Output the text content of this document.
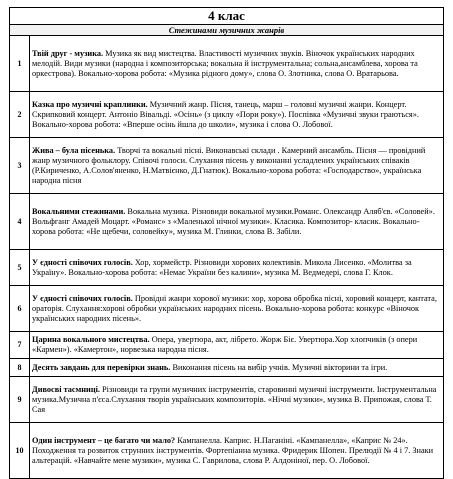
4 клас	
Стежинами музичних жанрів	
1	Твій друг - музика. Музика як вид мистецтва. Властивості музичних звуків. Віночок українських народних мелодій. Види музики (народна і композиторська; вокальна й інструментальна; сольна,ансамблева, хорова та оркестрова). Вокально-хорова робота: «Музика рідного дому», слова О. Злотника, слова О. Вратарьова.
2	Казка про музичні краплинки. Музичний жанр. Пісня, танець, марш – головні музичні жанри. Концерт. Скрипковий концерт. Антоніо Вівальді. «Осінь» (з циклу «Пори року»). Поспівка «Музичні звуки граються». Вокально-хорова робота: «Вперше осінь йшла до школи», музика і слова О. Лобової.
3	Жива – була пісенька. Творчі та вокальні пісні. Виконавські склади . Камерний ансамбль. Пісня — провідний жанр музичного фольклору. Співочі голоси. Слухання пісень у виконанні усладлених українських співаків (Р.Кириченко, А.Солов'яненко, Н.Матвієнко, Д.Гнатюк). Вокально-хорова робота: «Господарство», українська народна пісня
4	Вокальними стежинами. Вокальна музика. Різновиди вокальної музики.Романс. Олександр Аляб'єв. «Соловей». Вольфганг Амадей Моцарт. «Романс» з «Маленької нічної музики». Класика. Композитор- класик. Вокально-хорова робота: «Не щебечи, соловейку», музика М. Глинки, слова В. Забіли.
5	У єдності співочих голосів. Хор, хормейстр. Різновиди хорових колективів. Микола Лисенко. «Молитва за Україну». Вокально-хорова робота: «Немає України без калини», музика М. Ведмедері, слова Г. Клок.
6	У єдності співочих голосів. Провідні жанри хорової музики: хор, хорова обробка пісні, хоровий концерт, кантата, ораторія. Слухання:хорові обробки українських народних пісень. Вокально-хорова робота: конкурс «Віночок українських народних пісень».
7	Царина вокального мистецтва. Опера, увертюра, акт, лібрето. Жорж Біє. Увертюра.Хор хлопчиків (з опери «Кармен»). «Камертон», норвезька народна пісня.
8	Десять завдань для перевірки знань. Виконання пісень на вибір учнів. Музичні вікторини та ігри.
9	Дивосві тасмниці. Різновиди та групи музичних інструментів, старовинні музичні інструменти. Інструментальна музика.Музична п'єса.Слухання творів українських композиторів. «Нічні музики», музика В. Припожая, слова Т. Сая
10	Один інструмент – це багато чи мало? Кампанелла. Каприс. Н.Паганіні. «Кампанелла», «Каприс № 24». Походження та розвиток струнних інструментів. Фортепіанна музика. Фридерик Шопен. Прелюдії № 4 і 7. Знаки альтерацій. «Навчайте мене музики», музика С. Гаврилова, слова Р. Алдоніної, пер. О. Лобової.
